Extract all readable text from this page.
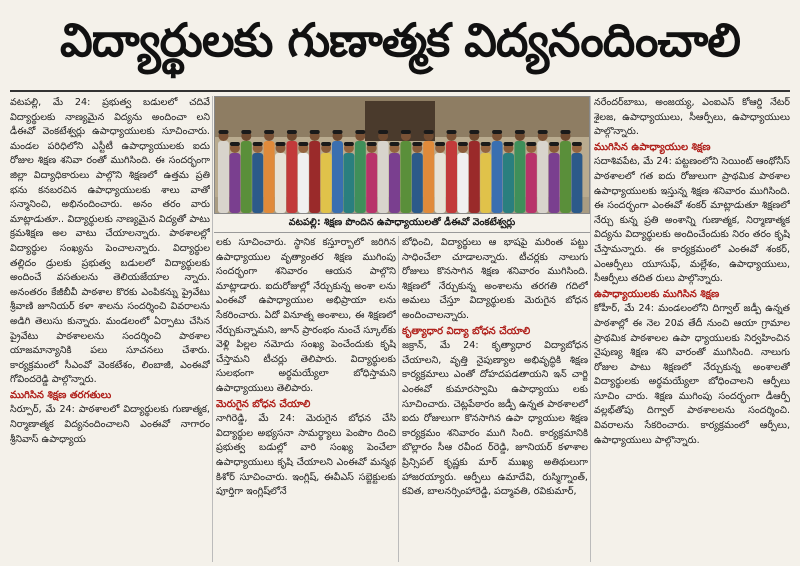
విద్యార్థులకు గుణాత్మక విద్యనందించాలి

వటపల్లి, మే 24: ప్రభుత్వ బడులలో చదివే విద్యార్థులకు నాణ్యమైన విద్యను అందించా లని డీఈవో వెంకటేశ్వర్లు ఉపాధ్యాయులకు సూచించారు. మండల పరిధిలోని ఎస్టీటీ ఉపాధ్యాయులకు ఐదు రోజుల శిక్షణ శనివా రంతో ముగిసింది. ఈ సందర్భంగా జిల్లా విద్యాధికారులు పాల్గొని శిక్షణలో ఉత్తమ ప్రతి భను కనబరచిన ఉపాధ్యాయులకు శాలు వాతో సన్మానించి, అభినందించారు. అనం తరం వారు మాట్లాడుతూ.. విద్యార్థులకు నాణ్యమైన విద్యతో పాటు క్రమశిక్షణ అల వాటు చేయాలన్నారు. పాఠశాలల్లో విద్యార్థుల సంఖ్యను పెంచాలన్నారు. విద్యార్థుల తల్లిదం డ్రులకు ప్రభుత్వ బడులలో విద్యార్థులకు అందించే వసతులను తెలియజేయాల న్నారు. అనంతరం కేజీబీవీ పాఠశాల కొరకు ఎంపికన్ను ప్రైవేటు శ్రీవాణి జూనియర్ కళా శాలను సందర్శించి వివరాలను అడిగి తెలుసు కున్నారు. మండలంలో ఏర్పాటు చేసిన ప్రైవేటు పాఠశాలలను సందర్శించి పాఠశాల యాజమాన్యానికి పలు సూచనలు చేశారు. కార్యక్రమంలో సీఎంవో వెంకటేశం, లింబాజీ, ఎంఈవో గోవిందరెడ్డి పాల్గొన్నారు.

ముగిసిన శిక్షణ తరగతులు

సిర్పూర్, మే 24: పాఠశాలలో విద్యార్థులకు గుణాత్మక, నిర్మాణాత్మక విద్యనందించాలని ఎంఈవో నాగారం శ్రీనివాస్ ఉపాధ్యాయ

వటపల్లి: శిక్షణ పొందిన ఉపాధ్యాయులతో డీఈవో వెంకటేశ్వర్లు

లకు సూచించారు. స్థానిక కస్తూర్బాలో జరిగిన ఉపాధ్యాయుల వృత్యాంతర శిక్షణ ముగింపు సందర్భంగా శనివారం ఆయన పాల్గొని మాట్లాడారు. ఐదురోజుల్లో నేర్చుకున్న అంశా లను ఎంఈవో ఉపాధ్యాయుల అభిప్రాయా లను సేకరించారు. ఏదో వినూత్న అంశాలు, ఈ శిక్షణలో నేర్చుకున్నామని, జూన్ ప్రారంభం నుంచే స్కూల్‌కు వెళ్లి పిల్లల నమోదు సంఖ్య పెంచేందుకు కృషి చేస్తామని టీచర్లు తెలిపారు. విద్యార్థులకు సులభంగా అర్థమయ్యేలా బోధిస్తామని ఉపాధ్యాయులు తెలిపారు.

మెరుగైన బోధన చేయాలి

నాగిరెడ్డి, మే 24: మెరుగైన బోధన చేసి విద్యార్థుల అభ్యసనా సామర్థ్యాలు పెంపొం దించి ప్రభుత్వ బడుల్లో వారి సంఖ్య పెంచేలా ఉపాధ్యాయులు కృషి చేయాలని ఎంఈవో మన్మథ కిశోర్ సూచించారు. ఇంగ్లిష్, ఈవీఎస్ సబ్జెక్టులకు పూర్తిగా ఇంగ్లిష్‌లోనే

బోధించి, విద్యార్థులు ఆ భాషపై మరింత పట్టు సాధించేలా చూడాలన్నారు. టీచర్లకు నాలుగు రోజులు కొనసాగిన శిక్షణ శనివారం ముగిసింది. శిక్షణలో నేర్చుకున్న అంశాలను తరగతి గదిలో అమలు చేస్తూ విద్యార్థులకు మెరుగైన బోధన అందించాలన్నారు.

కృత్యాధార విద్యా బోధన చేయాలి

జక్రాన్, మే 24: కృత్యాధార విద్యాబోధన చేయాలని, వృత్తి నైపుణ్యాల అభివృద్ధికి శిక్షణ కార్యక్రమాలు ఎంతో దోహదపడతాయని ఇన్ చార్జి ఎంఈవో కుమారస్వామి ఉపాధ్యాయు లకు సూచించారు. చెట్లపేఠారం జడ్పీ ఉన్నత పాఠశాలలో ఐదు రోజులుగా కొనసాగిన ఉపా ధ్యాయుల శిక్షణ కార్యక్రమం శనివారం ముగి సింది. కార్యక్రమానికి బొల్లారం సీఆ రవీంద ర్‌రెడ్డి, జూనియర్ కళాశాల ప్రిన్సిపల్ కృష్ణకు మార్ ముఖ్య అతిథులుగా హాజరయ్యారు. ఆర్పీలు ఉమాదేవి, రుస్మిగ్నాంత్, కవిత, బాలనర్సింహారెడ్డి, పద్మావతి, రవికుమార్,

నరేందర్‌బాబు, అంజయ్య, ఎంఐఎస్ కోఆర్డి నేటర్ శైలజ, ఉపాధ్యాయులు, సీఆర్పీలు, ఉపాధ్యాయులు పాల్గొన్నారు.

ముగిసిన ఉపాధ్యాయుల శిక్షణ

సదాశివపేట, మే 24: పట్టణంలోని సెయింట్ ఆంథోనీస్ పాఠశాలలో గత ఐదు రోజులుగా ప్రాథమిక పాఠశాల ఉపాధ్యాయులకు ఇస్తున్న శిక్షణ శనివారం ముగిసింది. ఈ సందర్భంగా ఎంఈవో శంకర్ మాట్లాడుతూ శిక్షణలో నేర్చు కున్న ప్రతి అంశాన్ని గుణాత్మక, నిర్మాణాత్మక విద్యను విద్యార్థులకు అందించేందుకు నిరం తరం కృషి చేస్తామన్నారు. ఈ కార్యక్రమంలో ఎంఈవో శంకర్, ఎంఆర్పీలు యూసుఫ్, మల్లేశం, ఉపాధ్యాయులు, సీఆర్పీలు తదిత రులు పాల్గొన్నారు.

ఉపాధ్యాయులకు ముగిసిన శిక్షణ

కోహీర్, మే 24: మండలంలోని దిగ్వాల్ జడ్పీ ఉన్నత పాఠశాల్లో ఈ నెల 20వ తేదీ నుంచి ఆయా గ్రామాల ప్రాథమిక పాఠశాలల ఉపా ధ్యాయులకు నిర్వహించిన నైపుణ్య శిక్షణ శని వారంతో ముగిసింది. నాలుగు రోజుల పాటు శిక్షణలో నేర్చుకున్న అంశాలతో విద్యార్థులకు అర్థమయ్యేలా బోధించాలని ఆర్పీలు సూచిం చారు. శిక్షణ ముగింపు సందర్భంగా డీఆర్పీ వల్లభ్‌తోపు దిగ్వాల్ పాఠశాలలను సందర్శించి. వివరాలను సేకరించారు. కార్యక్రమంలో ఆర్పీలు, ఉపాధ్యాయులు పాల్గొన్నారు.
